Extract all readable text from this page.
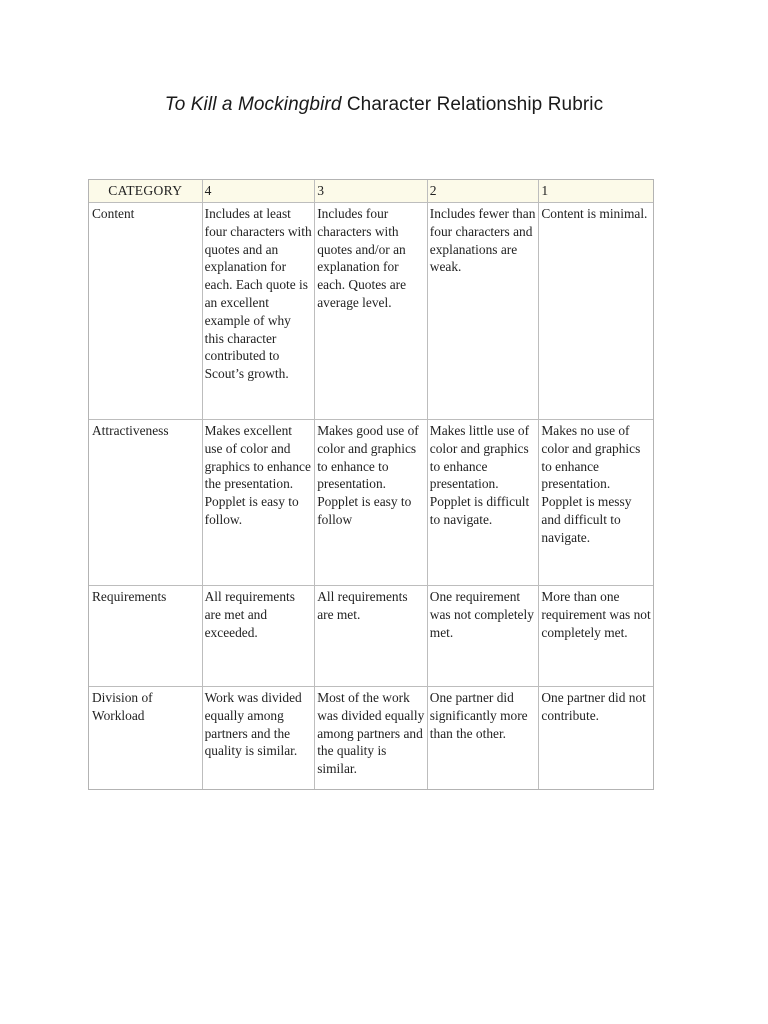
To Kill a Mockingbird Character Relationship Rubric
CATEGORY	4	3	2	1
Content	Includes at least four characters with quotes and an explanation for each. Each quote is an excellent example of why this character contributed to Scout’s growth.	Includes four characters with quotes and/or an explanation for each. Quotes are average level.	Includes fewer than four characters and explanations are weak.	Content is minimal.
Attractiveness	Makes excellent use of color and graphics to enhance the presentation. Popplet is easy to follow.	Makes good use of color and graphics to enhance to presentation. Popplet is easy to follow	Makes little use of color and graphics to enhance presentation. Popplet is difficult to navigate.	Makes no use of color and graphics to enhance presentation. Popplet is messy and difficult to navigate.
Requirements	All requirements are met and exceeded.	All requirements are met.	One requirement was not completely met.	More than one requirement was not completely met.
Division of Workload	Work was divided equally among partners and the quality is similar.	Most of the work was divided equally among partners and the quality is similar.	One partner did significantly more than the other.	One partner did not contribute.
